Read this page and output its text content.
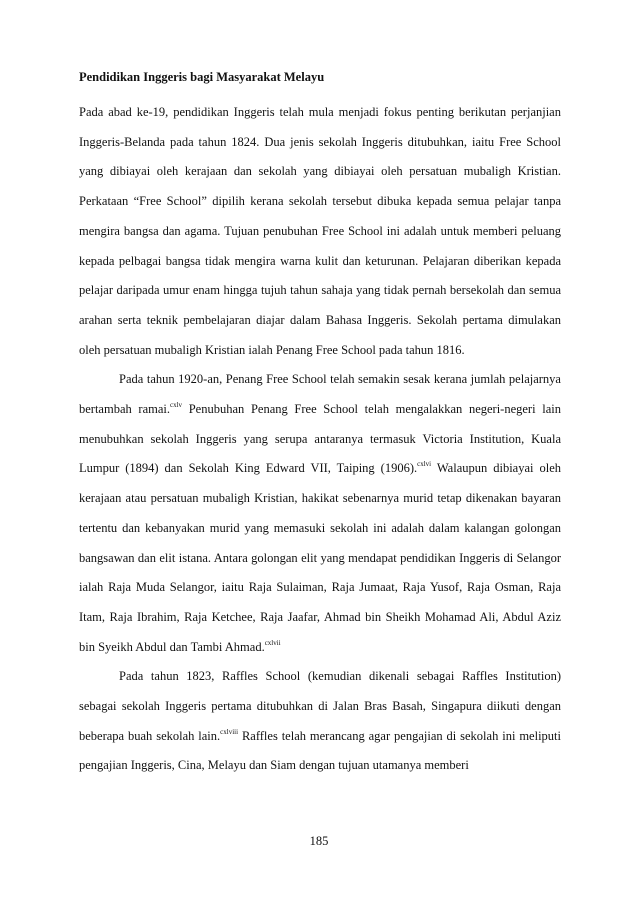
Pendidikan Inggeris bagi Masyarakat Melayu

Pada abad ke-19, pendidikan Inggeris telah mula menjadi fokus penting berikutan perjanjian Inggeris-Belanda pada tahun 1824. Dua jenis sekolah Inggeris ditubuhkan, iaitu Free School yang dibiayai oleh kerajaan dan sekolah yang dibiayai oleh persatuan mubaligh Kristian. Perkataan “Free School” dipilih kerana sekolah tersebut dibuka kepada semua pelajar tanpa mengira bangsa dan agama. Tujuan penubuhan Free School ini adalah untuk memberi peluang kepada pelbagai bangsa tidak mengira warna kulit dan keturunan. Pelajaran diberikan kepada pelajar daripada umur enam hingga tujuh tahun sahaja yang tidak pernah bersekolah dan semua arahan serta teknik pembelajaran diajar dalam Bahasa Inggeris. Sekolah pertama dimulakan oleh persatuan mubaligh Kristian ialah Penang Free School pada tahun 1816.

Pada tahun 1920-an, Penang Free School telah semakin sesak kerana jumlah pelajarnya bertambah ramai.$^{cxlv}$ Penubuhan Penang Free School telah mengalakkan negeri-negeri lain menubuhkan sekolah Inggeris yang serupa antaranya termasuk Victoria Institution, Kuala Lumpur (1894) dan Sekolah King Edward VII, Taiping (1906).$^{cxlvi}$ Walaupun dibiayai oleh kerajaan atau persatuan mubaligh Kristian, hakikat sebenarnya murid tetap dikenakan bayaran tertentu dan kebanyakan murid yang memasuki sekolah ini adalah dalam kalangan golongan bangsawan dan elit istana. Antara golongan elit yang mendapat pendidikan Inggeris di Selangor ialah Raja Muda Selangor, iaitu Raja Sulaiman, Raja Jumaat, Raja Yusof, Raja Osman, Raja Itam, Raja Ibrahim, Raja Ketchee, Raja Jaafar, Ahmad bin Sheikh Mohamad Ali, Abdul Aziz bin Syeikh Abdul dan Tambi Ahmad.$^{cxlvii}$

Pada tahun 1823, Raffles School (kemudian dikenali sebagai Raffles Institution) sebagai sekolah Inggeris pertama ditubuhkan di Jalan Bras Basah, Singapura diikuti dengan beberapa buah sekolah lain.$^{cxlviii}$ Raffles telah merancang agar pengajian di sekolah ini meliputi pengajian Inggeris, Cina, Melayu dan Siam dengan tujuan utamanya memberi

185
